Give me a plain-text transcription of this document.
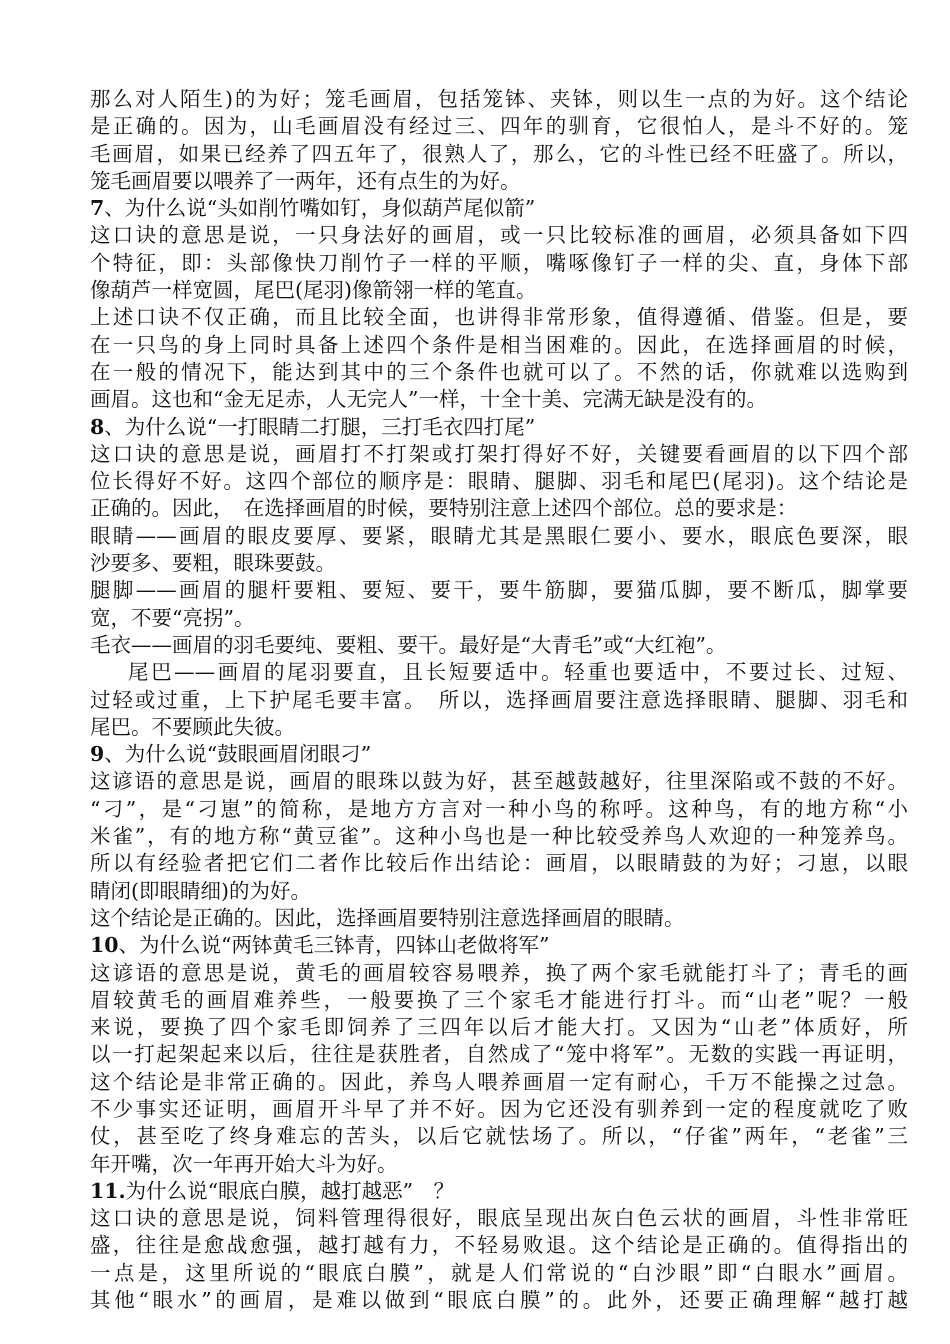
那么对人陌生)的为好；笼毛画眉，包括笼钵、夹钵，则以生一点的为好。这个结论
是正确的。因为，山毛画眉没有经过三、四年的驯育，它很怕人，是斗不好的。笼
毛画眉，如果已经养了四五年了，很熟人了，那么，它的斗性已经不旺盛了。所以，
笼毛画眉要以喂养了一两年，还有点生的为好。
7、为什么说“头如削竹嘴如钉，身似葫芦尾似箭”
这口诀的意思是说，一只身法好的画眉，或一只比较标准的画眉，必须具备如下四
个特征，即：头部像快刀削竹子一样的平顺，嘴啄像钉子一样的尖、直，身体下部
像葫芦一样宽圆，尾巴(尾羽)像箭翎一样的笔直。
上述口诀不仅正确，而且比较全面，也讲得非常形象，值得遵循、借鉴。但是，要
在一只鸟的身上同时具备上述四个条件是相当困难的。因此，在选择画眉的时候，
在一般的情况下，能达到其中的三个条件也就可以了。不然的话，你就难以选购到
画眉。这也和“金无足赤，人无完人”一样，十全十美、完满无缺是没有的。
8、为什么说“一打眼睛二打腿，三打毛衣四打尾”
这口诀的意思是说，画眉打不打架或打架打得好不好，关键要看画眉的以下四个部
位长得好不好。这四个部位的顺序是：眼睛、腿脚、羽毛和尾巴(尾羽)。这个结论是
正确的。因此，　在选择画眉的时候，要特别注意上述四个部位。总的要求是：
眼睛——画眉的眼皮要厚、要紧，眼睛尤其是黑眼仁要小、要水，眼底色要深，眼
沙要多、要粗，眼珠要鼓。
腿脚——画眉的腿杆要粗、要短、要干，要牛筋脚，要猫瓜脚，要不断瓜，脚掌要
宽，不要“亮拐”。
毛衣——画眉的羽毛要纯、要粗、要干。最好是“大青毛”或“大红袍”。
尾巴——画眉的尾羽要直，且长短要适中。轻重也要适中，不要过长、过短、
过轻或过重，上下护尾毛要丰富。　所以，选择画眉要注意选择眼睛、腿脚、羽毛和
尾巴。不要顾此失彼。
9、为什么说“鼓眼画眉闭眼刁”
这谚语的意思是说，画眉的眼珠以鼓为好，甚至越鼓越好，往里深陷或不鼓的不好。
“刁”，是“刁崽”的简称，是地方方言对一种小鸟的称呼。这种鸟，有的地方称“小
米雀”，有的地方称“黄豆雀”。这种小鸟也是一种比较受养鸟人欢迎的一种笼养鸟。
所以有经验者把它们二者作比较后作出结论：画眉，以眼睛鼓的为好；刁崽，以眼
睛闭(即眼睛细)的为好。
这个结论是正确的。因此，选择画眉要特别注意选择画眉的眼睛。
10、为什么说“两钵黄毛三钵青，四钵山老做将军”
这谚语的意思是说，黄毛的画眉较容易喂养，换了两个家毛就能打斗了；青毛的画
眉较黄毛的画眉难养些，一般要换了三个家毛才能进行打斗。而“山老”呢？一般
来说，要换了四个家毛即饲养了三四年以后才能大打。又因为“山老”体质好，所
以一打起架起来以后，往往是获胜者，自然成了“笼中将军”。无数的实践一再证明，
这个结论是非常正确的。因此，养鸟人喂养画眉一定有耐心，千万不能操之过急。
不少事实还证明，画眉开斗早了并不好。因为它还没有驯养到一定的程度就吃了败
仗，甚至吃了终身难忘的苦头，以后它就怯场了。所以，“仔雀”两年，“老雀”三
年开嘴，次一年再开始大斗为好。
11.为什么说“眼底白膜，越打越恶”　？
这口诀的意思是说，饲料管理得很好，眼底呈现出灰白色云状的画眉，斗性非常旺
盛，往往是愈战愈强，越打越有力，不轻易败退。这个结论是正确的。值得指出的
一点是，这里所说的“眼底白膜”，就是人们常说的“白沙眼”即“白眼水”画眉。
其他“眼水”的画眉，是难以做到“眼底白膜”的。此外，还要正确理解“越打越
